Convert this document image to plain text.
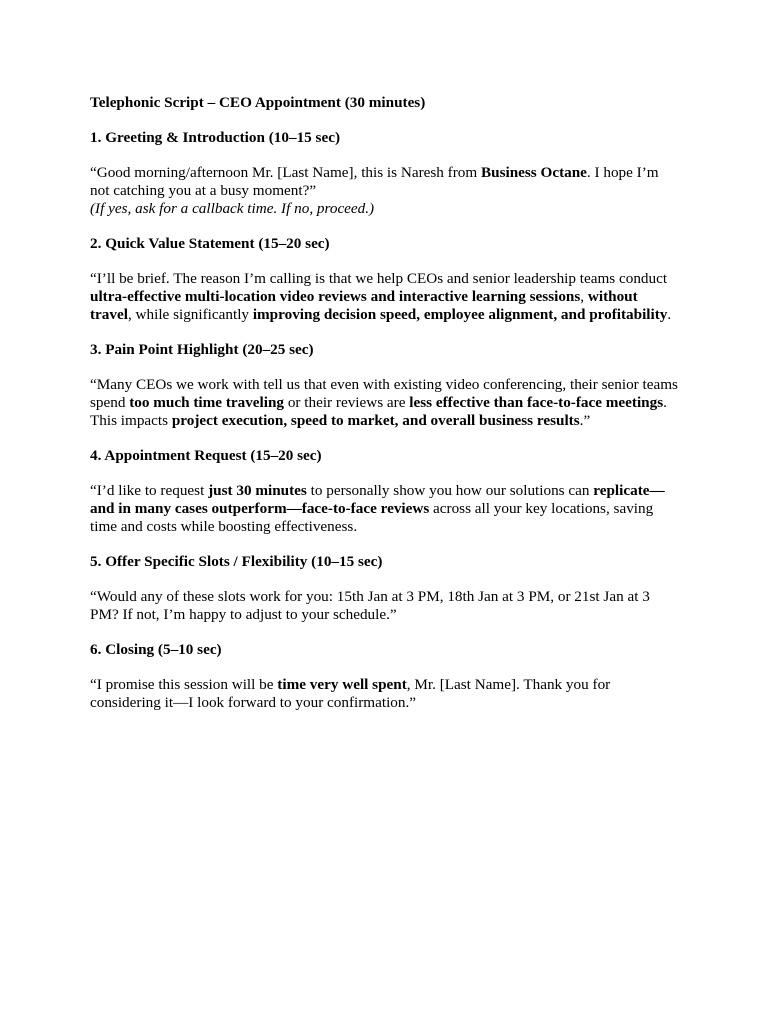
Telephonic Script – CEO Appointment (30 minutes)
1. Greeting & Introduction (10–15 sec)

“Good morning/afternoon Mr. [Last Name], this is Naresh from Business Octane. I hope I’m not catching you at a busy moment?”

(If yes, ask for a callback time. If no, proceed.)

2. Quick Value Statement (15–20 sec)

“I’ll be brief. The reason I’m calling is that we help CEOs and senior leadership teams conduct ultra-effective multi-location video reviews and interactive learning sessions, without travel, while significantly improving decision speed, employee alignment, and profitability.

3. Pain Point Highlight (20–25 sec)

“Many CEOs we work with tell us that even with existing video conferencing, their senior teams spend too much time traveling or their reviews are less effective than face-to-face meetings. This impacts project execution, speed to market, and overall business results.”

4. Appointment Request (15–20 sec)

“I’d like to request just 30 minutes to personally show you how our solutions can replicate—and in many cases outperform—face-to-face reviews across all your key locations, saving time and costs while boosting effectiveness.

5. Offer Specific Slots / Flexibility (10–15 sec)

“Would any of these slots work for you: 15th Jan at 3 PM, 18th Jan at 3 PM, or 21st Jan at 3 PM? If not, I’m happy to adjust to your schedule.”

6. Closing (5–10 sec)

“I promise this session will be time very well spent, Mr. [Last Name]. Thank you for considering it—I look forward to your confirmation.”
